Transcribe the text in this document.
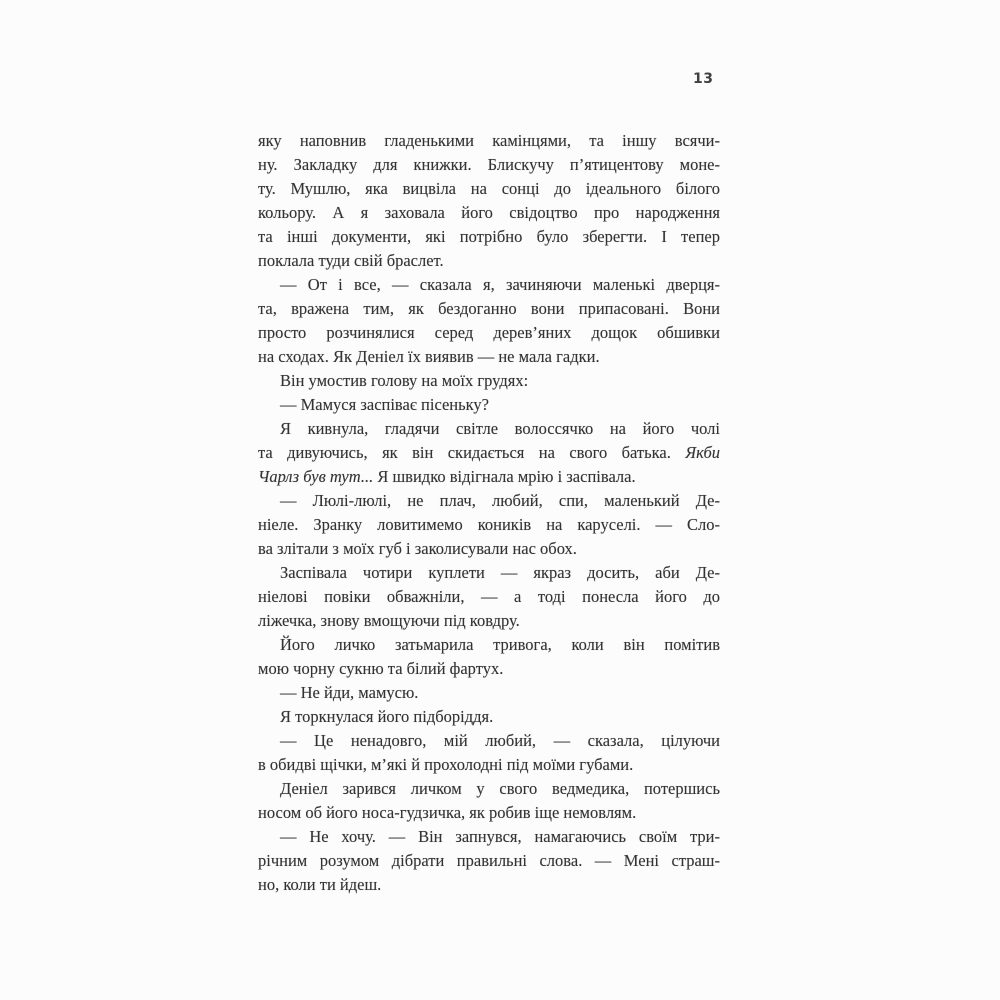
13
яку наповнив гладенькими камінцями, та іншу всячи-
ну. Закладку для книжки. Блискучу п’ятицентову моне-
ту. Мушлю, яка вицвіла на сонці до ідеального білого
кольору. А я заховала його свідоцтво про народження
та інші документи, які потрібно було зберегти. І тепер
поклала туди свій браслет.
— От і все, — сказала я, зачиняючи маленькі дверця-
та, вражена тим, як бездоганно вони припасовані. Вони
просто розчинялися серед дерев’яних дощок обшивки
на сходах. Як Деніел їх виявив — не мала гадки.
Він умостив голову на моїх грудях:
— Мамуся заспіває пісеньку?
Я кивнула, гладячи світле волоссячко на його чолі
та дивуючись, як він скидається на свого батька. Якби
Чарлз був тут... Я швидко відігнала мрію і заспівала.
— Люлі-люлі, не плач, любий, спи, маленький Де-
ніеле. Зранку ловитимемо коників на каруселі. — Сло-
ва злітали з моїх губ і заколисували нас обох.
Заспівала чотири куплети — якраз досить, аби Де-
ніелові повіки обважніли, — а тоді понесла його до
ліжечка, знову вмощуючи під ковдру.
Його личко затьмарила тривога, коли він помітив
мою чорну сукню та білий фартух.
— Не йди, мамусю.
Я торкнулася його підборіддя.
— Це ненадовго, мій любий, — сказала, цілуючи
в обидві щічки, м’які й прохолодні під моїми губами.
Деніел зарився личком у свого ведмедика, потершись
носом об його носа-гудзичка, як робив іще немовлям.
— Не хочу. — Він запнувся, намагаючись своїм три-
річним розумом дібрати правильні слова. — Мені страш-
но, коли ти йдеш.
